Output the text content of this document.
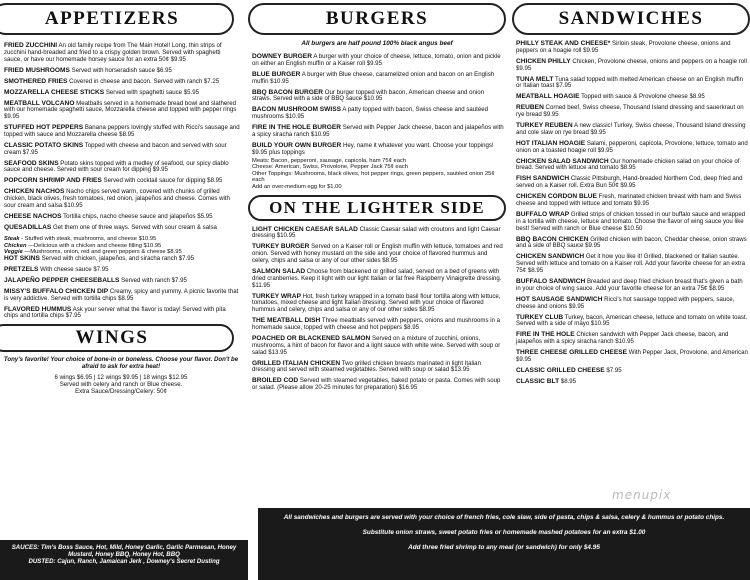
APPETIZERS
FRIED ZUCCHINI An old family recipe from The Main Hotel! Long, thin strips of zucchini hand-breaded and fried to a crispy golden brown. Served with spaghetti sauce, or have our homemade horsey sauce for an extra 50¢ $9.95
FRIED MUSHROOMS Served with horseradish sauce $6.95
SMOTHERED FRIES Covered in cheese and bacon. Served with ranch $7.25
MOZZARELLA CHEESE STICKS Served with spaghetti sauce $5.95
MEATBALL VOLCANO Meatballs served in a homemade bread bowl and slathered with our homemade spaghetti sauce, Mozzarella cheese and topped with pepper rings $9.95
STUFFED HOT PEPPERS Banana peppers lovingly stuffed with Ricci's sausage and topped with sauce and Mozzarella cheese $8.95
CLASSIC POTATO SKINS Topped with cheese and bacon and served with sour cream $7.95
SEAFOOD SKINS Potato skins topped with a medley of seafood, our spicy diablo sauce and cheese. Served with sour cream for dipping $9.95
POPCORN SHRIMP AND FRIES Served with cocktail sauce for dipping $8.95
CHICKEN NACHOS Nacho chips served warm, covered with chunks of grilled chicken, black olives, fresh tomatoes, red onion, jalapeños and cheese. Comes with sour cream and salsa $10.95
CHEESE NACHOS Tortilla chips, nacho cheese sauce and jalapeños $5.95
QUESADILLAS Get them one of three ways. Served with sour cream & salsa
Steak - Stuffed with steak, mushrooms, and cheese $10.95
Chicken —Delicious with a chicken and cheese filling $10.95
Veggie —Mushrooms, onion, red and green peppers & cheese $8.95
HOT SKINS Served with chicken, jalapeños, and siracha ranch $7.95
PRETZELS With cheese sauce $7.95
JALAPEÑO PEPPER CHEESEBALLS Served with ranch $7.95
MISSY'S BUFFALO CHICKEN DIP Creamy, spicy and yummy. A picnic favorite that is very addictive. Served with tortilla chips $8.95
FLAVORED HUMMUS Ask your server what the flavor is today! Served with pita chips and tortilla chips $7.95
WINGS
Tony's favorite! Your choice of bone-in or boneless. Choose your flavor. Don't be afraid to ask for extra heat!
6 wings $6.95 | 12 wings $9.95 | 18 wings $12.95
Served with celery and ranch or Blue cheese.
Extra Sauce/Dressing/Celery: 50¢
SAUCES: Tim's Boss Sauce, Hot, Mild, Honey Garlic, Garlic Parmesan, Honey Mustard, Honey BBQ, Honey Hot, BBQ
DUSTED: Cajun, Ranch, Jamaican Jerk , Downey's Secret Dusting
BURGERS
All burgers are half pound 100% black angus beef
DOWNEY BURGER A burger with your choice of cheese, lettuce, tomato, onion and pickle on either an English muffin or a Kaiser roll $9.95
BLUE BURGER A burger with Blue cheese, caramelized onion and bacon on an English muffin $10.95
BBQ BACON BURGER Our burger topped with bacon, American cheese and onion straws. Served with a side of BBQ sauce $10.95
BACON MUSHROOM SWISS A patty topped with bacon, Swiss cheese and sautéed mushrooms $10.95
FIRE IN THE HOLE BURGER Served with Pepper Jack cheese, bacon and jalapeños with a spicy siracha ranch $10.95
BUILD YOUR OWN BURGER Hey, name it whatever you want. Choose your toppings! $9.95 plus toppings
Meats: Bacon, pepperoni, sausage, capicola, ham 75¢ each
Cheese: American, Swiss, Provolone, Pepper Jack 75¢ each
Other Toppings: Mushrooms, black olives, hot pepper rings, green peppers, sautéed onion 25¢ each
Add an over-medium egg for $1.00
ON THE LIGHTER SIDE
LIGHT CHICKEN CAESAR SALAD Classic Caesar salad with croutons and light Caesar dressing $10.95
TURKEY BURGER Served on a Kaiser roll or English muffin with lettuce, tomatoes and red onion. Served with honey mustard on the side and your choice of flavored hummus and celery, chips and salsa or any of our other sides $8.95
SALMON SALAD Choose from blackened or grilled salad, served on a bed of greens with dried cranberries. Keep it light with our light Italian or fat free Raspberry Vinaigrette dressing. $11.95
TURKEY WRAP Hot, fresh turkey wrapped in a tomato basil flour tortilla along with lettuce, tomatoes, mixed cheese and light Italian dressing. Served with your choice of flavored hummus and celery, chips and salsa or any of our other sides $8.95
THE MEATBALL DISH Three meatballs served with peppers, onions and mushrooms in a homemade sauce, topped with cheese and hot peppers $8.95
POACHED OR BLACKENED SALMON Served on a mixture of zucchini, onions, mushrooms, a hint of bacon for flavor and a light sauce with white wine. Served with soup or salad $13.95
GRILLED ITALIAN CHICKEN Two grilled chicken breasts marinated in light Italian dressing and served with steamed vegetables. Served with soup or salad $13.95
BROILED COD Served with steamed vegetables, baked potato or pasta. Comes with soup or salad. (Please allow 20-25 minutes for preparation) $16.95
SANDWICHES
PHILLY STEAK AND CHEESE* Sirloin steak, Provolone cheese, onions and peppers on a hoagie roll $9.95
CHICKEN PHILLY Chicken, Provolone cheese, onions and peppers on a hoagie roll $9.95
TUNA MELT Tuna salad topped with melted American cheese on an English muffin or Italian toast $7.95
MEATBALL HOAGIE Topped with sauce & Provolone cheese $8.95
REUBEN Corned beef, Swiss cheese, Thousand Island dressing and sauerkraut on rye bread $9.95
TURKEY REUBEN A new classic! Turkey, Swiss cheese, Thousand Island dressing and cole slaw on rye bread $9.95
HOT ITALIAN HOAGIE Salami, pepperoni, capicola, Provolone, lettuce, tomato and onion on a toasted hoagie roll $9.95
CHICKEN SALAD SANDWICH Our homemade chicken salad on your choice of bread. Served with lettuce and tomato $8.95
FISH SANDWICH Classic Pittsburgh, Hand-breaded Northern Cod, deep fried and served on a Kaiser roll. Extra Bun 50¢ $9.95
CHICKEN CORDON BLUE Fresh, marinated chicken breast with ham and Swiss cheese and topped with lettuce and tomato $9.95
BUFFALO WRAP Grilled strips of chicken tossed in our buffalo sauce and wrapped in a tortilla with cheese, lettuce and tomato. Choose the flavor of wing sauce you like best! Served with ranch or Blue cheese $10.50
BBQ BACON CHICKEN Grilled chicken with bacon, Cheddar cheese, onion straws and a side of BBQ sauce $9.95
CHICKEN SANDWICH Get it how you like it! Grilled, blackened or Italian sautée. Served with lettuce and tomato on a Kaiser roll. Add your favorite cheese for an extra 75¢ $8.95
BUFFALO SANDWICH Breaded and deep fried chicken breast that's given a bath in your choice of wing sauce. Add your favorite cheese for an extra 75¢ $8.95
HOT SAUSAGE SANDWICH Ricci's hot sausage topped with peppers, sauce, cheese and onions $9.95
TURKEY CLUB Turkey, bacon, American cheese, lettuce and tomato on white toast. Served with a side of mayo $10.95
FIRE IN THE HOLE Chicken sandwich with Pepper Jack cheese, bacon, and jalapeños with a spicy siracha ranch $10.95
THREE CHEESE GRILLED CHEESE With Pepper Jack, Provolone, and American $9.95
CLASSIC GRILLED CHEESE $7.95
CLASSIC BLT $8.95
menupix

All sandwiches and burgers are served with your choice of french fries, cole slaw, side of pasta, chips & salsa, celery & hummus or potato chips.

Substitute onion straws, sweet potato fries or homemade mashed potatoes for an extra $1.00

Add three fried shrimp to any meal (or sandwich) for only $4.95
